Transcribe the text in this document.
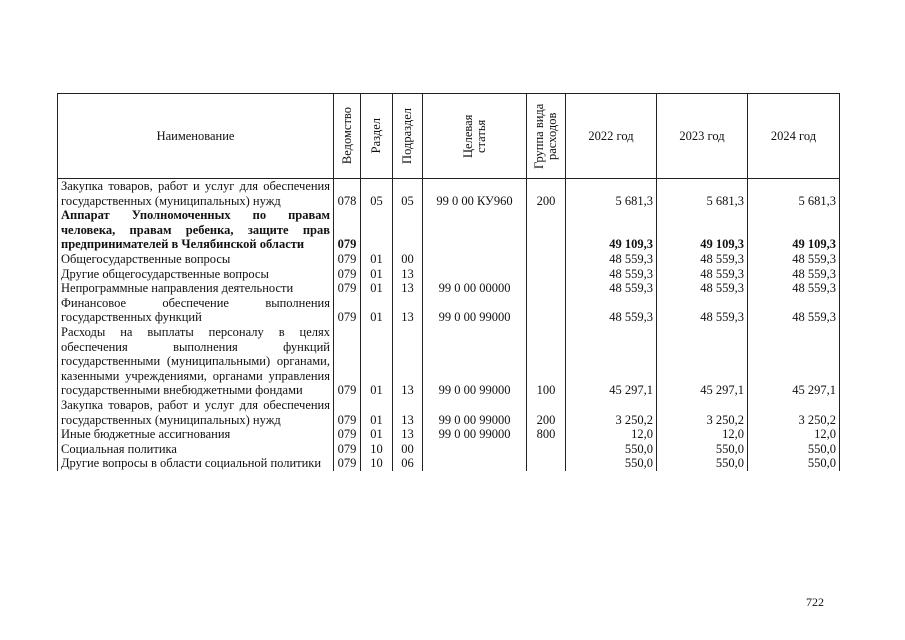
Наименование	Ведомство	Раздел	Подраздел	Целевая статья	Группа вида расходов	2022 год	2023 год	2024 год
Закупка товаров, работ и услуг для обеспечения государственных (муниципальных) нужд	078	05	05	99 0 00 КУ960	200	5 681,3	5 681,3	5 681,3
Аппарат Уполномоченных по правам человека, правам ребенка, защите прав предпринимателей в Челябинской области	079					49 109,3	49 109,3	49 109,3
Общегосударственные вопросы	079	01	00			48 559,3	48 559,3	48 559,3
Другие общегосударственные вопросы	079	01	13			48 559,3	48 559,3	48 559,3
Непрограммные направления деятельности	079	01	13	99 0 00 00000		48 559,3	48 559,3	48 559,3
Финансовое обеспечение выполнения государственных функций	079	01	13	99 0 00 99000		48 559,3	48 559,3	48 559,3
Расходы на выплаты персоналу в целях обеспечения выполнения функций государственными (муниципальными) органами, казенными учреждениями, органами управления государственными внебюджетными фондами	079	01	13	99 0 00 99000	100	45 297,1	45 297,1	45 297,1
Закупка товаров, работ и услуг для обеспечения государственных (муниципальных) нужд	079	01	13	99 0 00 99000	200	3 250,2	3 250,2	3 250,2
Иные бюджетные ассигнования	079	01	13	99 0 00 99000	800	12,0	12,0	12,0
Социальная политика	079	10	00			550,0	550,0	550,0
Другие вопросы в области социальной политики	079	10	06			550,0	550,0	550,0
722
